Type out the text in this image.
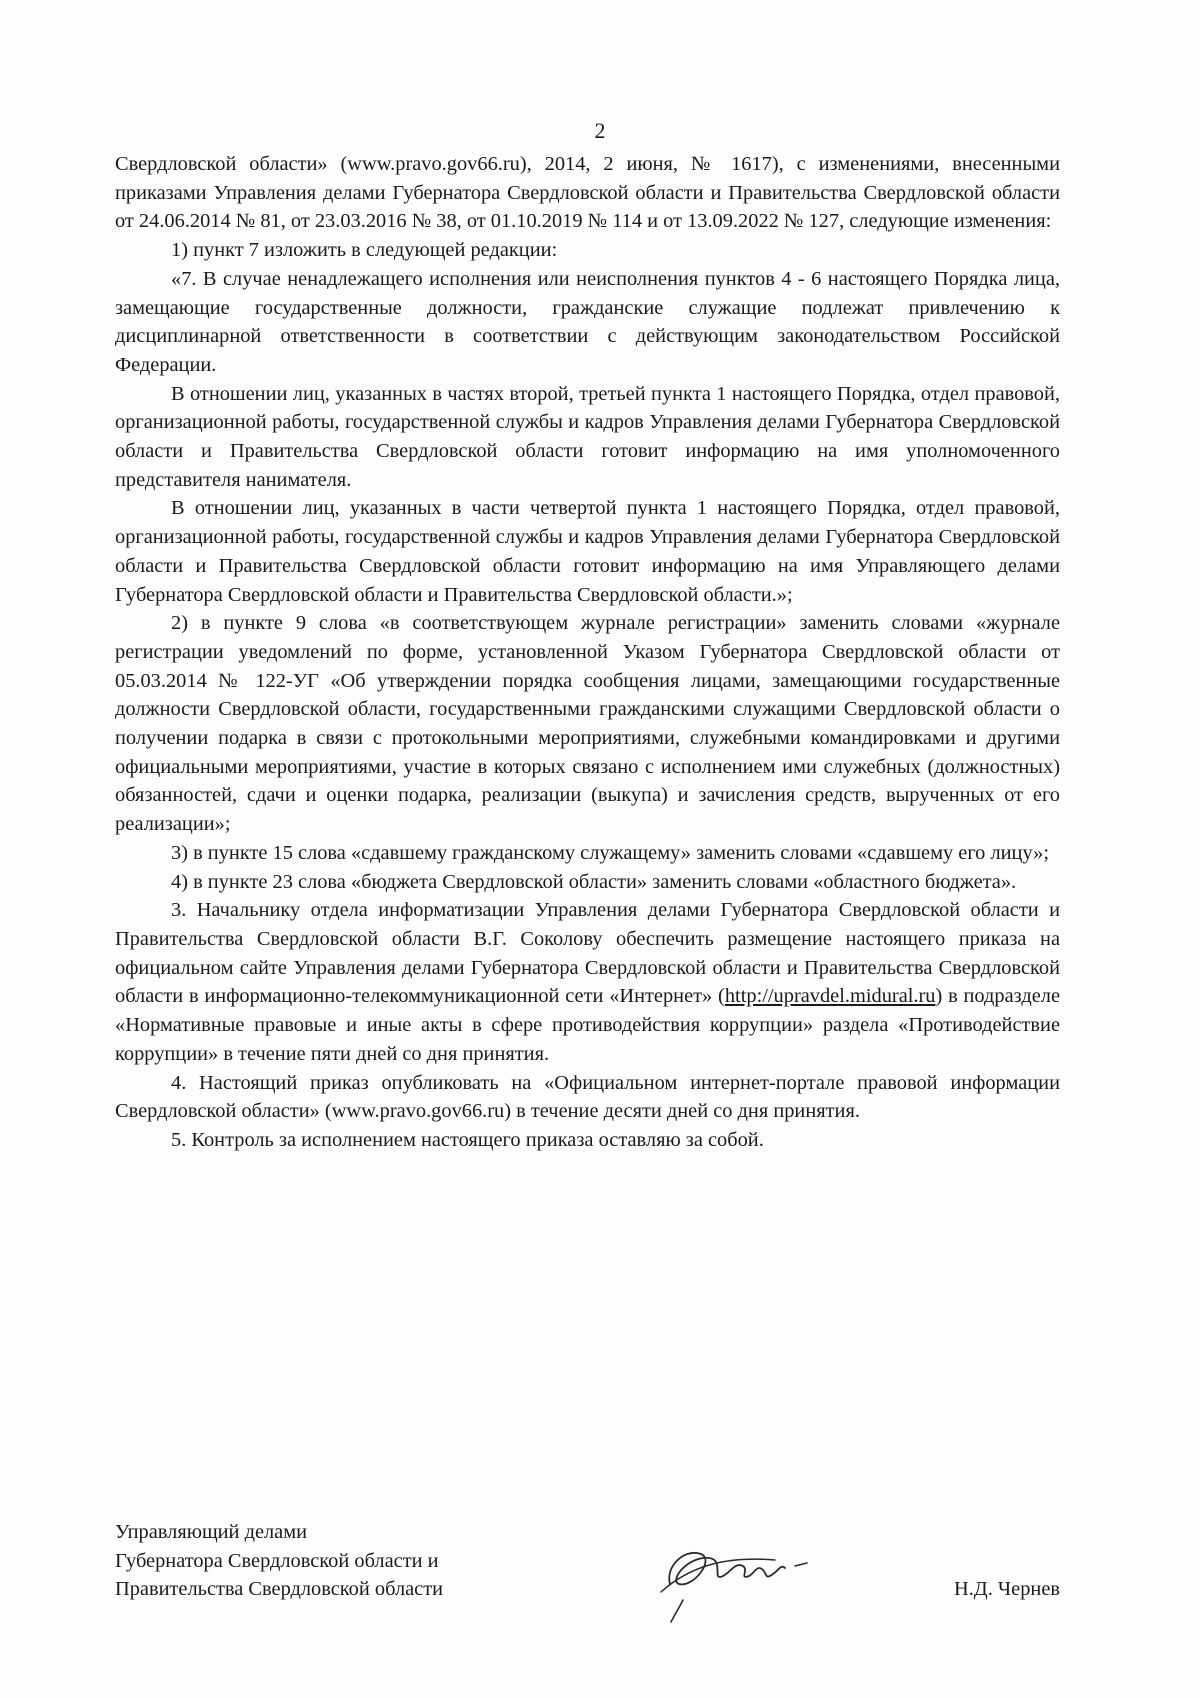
2

Свердловской области» (www.pravo.gov66.ru), 2014, 2 июня, № 1617), с изменениями, внесенными приказами Управления делами Губернатора Свердловской области и Правительства Свердловской области от 24.06.2014 № 81, от 23.03.2016 № 38, от 01.10.2019 № 114 и от 13.09.2022 № 127, следующие изменения:

1) пункт 7 изложить в следующей редакции:

«7. В случае ненадлежащего исполнения или неисполнения пунктов 4 - 6 настоящего Порядка лица, замещающие государственные должности, гражданские служащие подлежат привлечению к дисциплинарной ответственности в соответствии с действующим законодательством Российской Федерации.

В отношении лиц, указанных в частях второй, третьей пункта 1 настоящего Порядка, отдел правовой, организационной работы, государственной службы и кадров Управления делами Губернатора Свердловской области и Правительства Свердловской области готовит информацию на имя уполномоченного представителя нанимателя.

В отношении лиц, указанных в части четвертой пункта 1 настоящего Порядка, отдел правовой, организационной работы, государственной службы и кадров Управления делами Губернатора Свердловской области и Правительства Свердловской области готовит информацию на имя Управляющего делами Губернатора Свердловской области и Правительства Свердловской области.»;

2) в пункте 9 слова «в соответствующем журнале регистрации» заменить словами «журнале регистрации уведомлений по форме, установленной Указом Губернатора Свердловской области от 05.03.2014 № 122-УГ «Об утверждении порядка сообщения лицами, замещающими государственные должности Свердловской области, государственными гражданскими служащими Свердловской области о получении подарка в связи с протокольными мероприятиями, служебными командировками и другими официальными мероприятиями, участие в которых связано с исполнением ими служебных (должностных) обязанностей, сдачи и оценки подарка, реализации (выкупа) и зачисления средств, вырученных от его реализации»;

3) в пункте 15 слова «сдавшему гражданскому служащему» заменить словами «сдавшему его лицу»;

4) в пункте 23 слова «бюджета Свердловской области» заменить словами «областного бюджета».

3. Начальнику отдела информатизации Управления делами Губернатора Свердловской области и Правительства Свердловской области В.Г. Соколову обеспечить размещение настоящего приказа на официальном сайте Управления делами Губернатора Свердловской области и Правительства Свердловской области в информационно-телекоммуникационной сети «Интернет» (http://upravdel.midural.ru) в подразделе «Нормативные правовые и иные акты в сфере противодействия коррупции» раздела «Противодействие коррупции» в течение пяти дней со дня принятия.

4. Настоящий приказ опубликовать на «Официальном интернет-портале правовой информации Свердловской области» (www.pravo.gov66.ru) в течение десяти дней со дня принятия.

5. Контроль за исполнением настоящего приказа оставляю за собой.

Управляющий делами
Губернатора Свердловской области и
Правительства Свердловской области	Н.Д. Чернев
